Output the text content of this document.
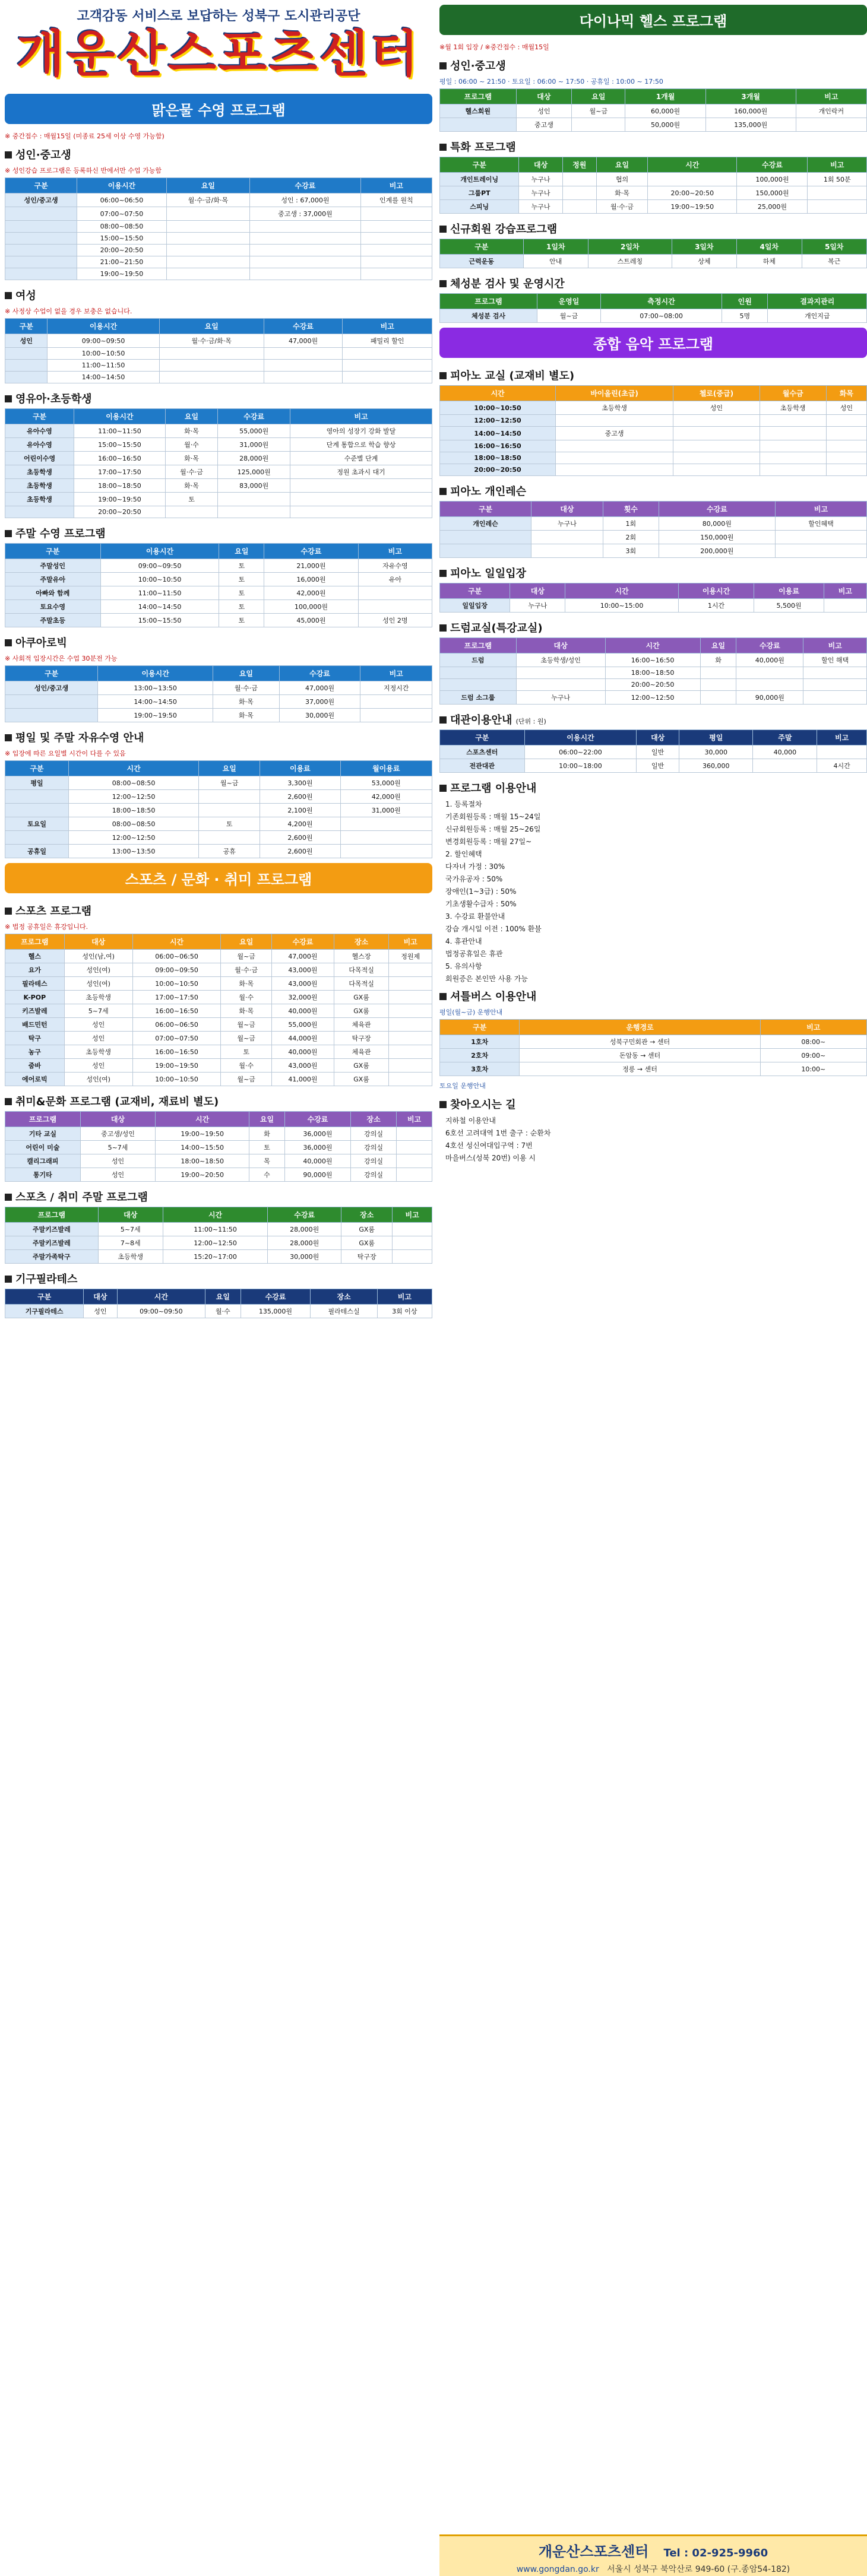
고객감동 서비스로 보답하는 성북구 도시관리공단
개운산스포츠센터
맑은물 수영 프로그램
※ 중간접수 : 매월15일 (미종료 25세 이상 수영 가능함)
성인·중고생
※ 성인강습 프로그램은 등록하신 반에서만 수업 가능함
구분	이용시간	요일	수강료	비고
성인/중고생	06:00~06:50	월·수·금/화·목	성인 : 67,000원	인계를 원칙
	07:00~07:50		중고생 : 37,000원	
	08:00~08:50			
	15:00~15:50			
	20:00~20:50			
	21:00~21:50			
	19:00~19:50			
여성
※ 사정상 수업이 없을 경우 보충은 없습니다.
구분	이용시간	요일	수강료	비고
성인	09:00~09:50	월·수·금/화·목	47,000원	패밀리 할인
	10:00~10:50			
	11:00~11:50			
	14:00~14:50			
영유아·초등학생
구분	이용시간	요일	수강료	비고
유아수영	11:00~11:50	화·목	55,000원	영아의 성장기 강화 발달
유아수영	15:00~15:50	월·수	31,000원	단계 통합으로 학습 향상
어린이수영	16:00~16:50	화·목	28,000원	수준별 단계
초등학생	17:00~17:50	월·수·금	125,000원	정원 초과시 대기
초등학생	18:00~18:50	화·목	83,000원	
초등학생	19:00~19:50	토		
	20:00~20:50			
주말 수영 프로그램
구분	이용시간	요일	수강료	비고
주말성인	09:00~09:50	토	21,000원	자유수영
주말유아	10:00~10:50	토	16,000원	유아
아빠와 함께	11:00~11:50	토	42,000원	
토요수영	14:00~14:50	토	100,000원	
주말초등	15:00~15:50	토	45,000원	성인 2명
아쿠아로빅
※ 사회적 입장시간은 수업 30분전 가능
구분	이용시간	요일	수강료	비고
성인/중고생	13:00~13:50	월·수·금	47,000원	지정시간
	14:00~14:50	화·목	37,000원	
	19:00~19:50	화·목	30,000원	
평일 및 주말 자유수영 안내
※ 입장에 따른 요일별 시간이 다를 수 있음
구분	시간	요일	이용료	월이용료
평일	08:00~08:50	월~금	3,300원	53,000원
	12:00~12:50		2,600원	42,000원
	18:00~18:50		2,100원	31,000원
토요일	08:00~08:50	토	4,200원	
	12:00~12:50		2,600원	
공휴일	13:00~13:50	공휴	2,600원	
스포츠 / 문화 · 취미 프로그램
스포츠 프로그램
※ 법정 공휴일은 휴강입니다.
프로그램	대상	시간	요일	수강료	장소	비고
헬스	성인(남,여)	06:00~06:50	월~금	47,000원	헬스장	정원제
요가	성인(여)	09:00~09:50	월·수·금	43,000원	다목적실	
필라테스	성인(여)	10:00~10:50	화·목	43,000원	다목적실	
K-POP	초등학생	17:00~17:50	월·수	32,000원	GX룸	
키즈발레	5~7세	16:00~16:50	화·목	40,000원	GX룸	
배드민턴	성인	06:00~06:50	월~금	55,000원	체육관	
탁구	성인	07:00~07:50	월~금	44,000원	탁구장	
농구	초등학생	16:00~16:50	토	40,000원	체육관	
줌바	성인	19:00~19:50	월·수	43,000원	GX룸	
에어로빅	성인(여)	10:00~10:50	월~금	41,000원	GX룸	
취미&문화 프로그램 (교재비, 재료비 별도)
프로그램	대상	시간	요일	수강료	장소	비고
기타 교실	중고생/성인	19:00~19:50	화	36,000원	강의실	
어린이 미술	5~7세	14:00~15:50	토	36,000원	강의실	
캘리그래피	성인	18:00~18:50	목	40,000원	강의실	
통기타	성인	19:00~20:50	수	90,000원	강의실	
스포츠 / 취미 주말 프로그램
프로그램	대상	시간	수강료	장소	비고
주말키즈발레	5~7세	11:00~11:50	28,000원	GX룸	
주말키즈발레	7~8세	12:00~12:50	28,000원	GX룸	
주말가족탁구	초등학생	15:20~17:00	30,000원	탁구장	
기구필라테스
구분	대상	시간	요일	수강료	장소	비고
기구필라테스	성인	09:00~09:50	월·수	135,000원	필라테스실	3회 이상
다이나믹 헬스 프로그램
※월 1회 입장 / ※중간접수 : 매월15일
성인·중고생
평일 : 06:00 ~ 21:50 · 토요일 : 06:00 ~ 17:50 · 공휴일 : 10:00 ~ 17:50
프로그램	대상	요일	1개월	3개월	비고
헬스회원	성인	월~금	60,000원	160,000원	개인락커
	중고생		50,000원	135,000원	
특화 프로그램
구분	대상	정원	요일	시간	수강료	비고
개인트레이닝	누구나		협의		100,000원	1회 50분
그룹PT	누구나		화·목	20:00~20:50	150,000원	
스피닝	누구나		월·수·금	19:00~19:50	25,000원	
신규회원 강습프로그램
구분	1일차	2일차	3일차	4일차	5일차
근력운동	안내	스트레칭	상체	하체	복근
체성분 검사 및 운영시간
프로그램	운영일	측정시간	인원	결과지관리
체성분 검사	월~금	07:00~08:00	5명	개인지급
종합 음악 프로그램
피아노 교실 (교재비 별도)
시간	바이올린(초급)	첼로(중급)	월수금	화목
10:00~10:50	초등학생	성인	초등학생	성인
12:00~12:50				
14:00~14:50	중고생			
16:00~16:50				
18:00~18:50				
20:00~20:50				
피아노 개인레슨
구분	대상	횟수	수강료	비고
개인레슨	누구나	1회	80,000원	할인혜택
		2회	150,000원	
		3회	200,000원	
피아노 일일입장
구분	대상	시간	이용시간	이용료	비고
일일입장	누구나	10:00~15:00	1시간	5,500원	
드럼교실(특강교실)
프로그램	대상	시간	요일	수강료	비고
드럼	초등학생/성인	16:00~16:50	화	40,000원	할인 해택
		18:00~18:50			
		20:00~20:50			
드럼 소그룹	누구나	12:00~12:50		90,000원	
대관이용안내 (단위 : 원)
구분	이용시간	대상	평일	주말	비고
스포츠센터	06:00~22:00	일반	30,000	40,000	
전관대관	10:00~18:00	일반	360,000		4시간
프로그램 이용안내

1. 등록절차

기존회원등록 : 매월 15~24일

신규회원등록 : 매월 25~26일

변경회원등록 : 매월 27일~

2. 할인혜택

다자녀 가정 : 30%

국가유공자 : 50%

장애인(1~3급) : 50%

기초생활수급자 : 50%

3. 수강료 환불안내

강습 개시일 이전 : 100% 환불

4. 휴관안내

법정공휴일은 휴관

5. 유의사항

회원증은 본인만 사용 가능

셔틀버스 이용안내
평일(월~금) 운행안내
구분	운행경로	비고
1호차	성북구민회관 → 센터	08:00~
2호차	돈암동 → 센터	09:00~
3호차	정릉 → 센터	10:00~
토요일 운행안내
찾아오시는 길

지하철 이용안내

6호선 고려대역 1번 출구 : 순환차

4호선 성신여대입구역 : 7번

마을버스(성북 20번) 이용 시

개운산스포츠센터 Tel : 02-925-9960
www.gongdan.go.kr 서울시 성북구 북악산로 949-60 (구.종암54-182)
